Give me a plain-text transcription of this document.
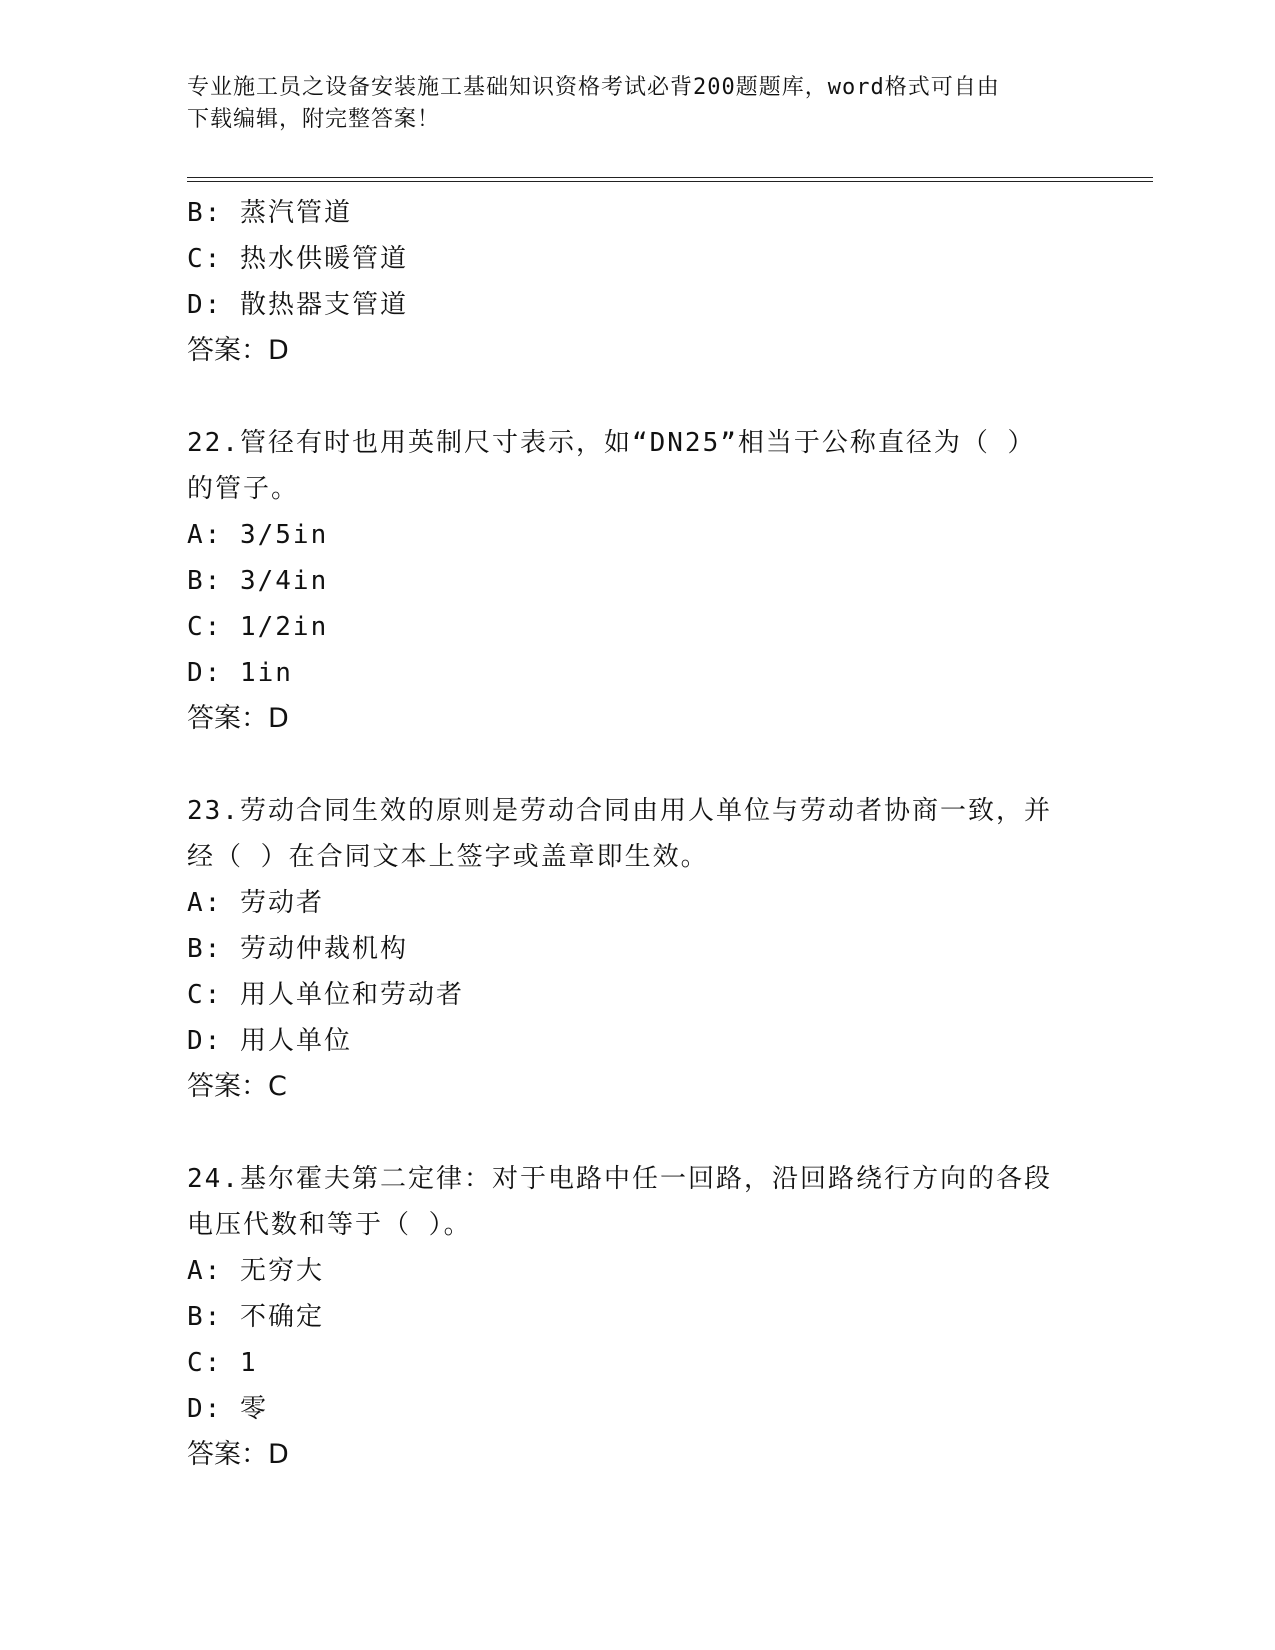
专业施工员之设备安装施工基础知识资格考试必背200题题库，word格式可自由
下载编辑，附完整答案！
B: 蒸汽管道
C: 热水供暖管道
D: 散热器支管道
答案：D
22.管径有时也用英制尺寸表示，如“DN25”相当于公称直径为（ ）
的管子。
A: 3/5in
B: 3/4in
C: 1/2in
D: 1in
答案：D
23.劳动合同生效的原则是劳动合同由用人单位与劳动者协商一致，并
经（ ）在合同文本上签字或盖章即生效。
A: 劳动者
B: 劳动仲裁机构
C: 用人单位和劳动者
D: 用人单位
答案：C
24.基尔霍夫第二定律：对于电路中任一回路，沿回路绕行方向的各段
电压代数和等于（ ）。
A: 无穷大
B: 不确定
C: 1
D: 零
答案：D
